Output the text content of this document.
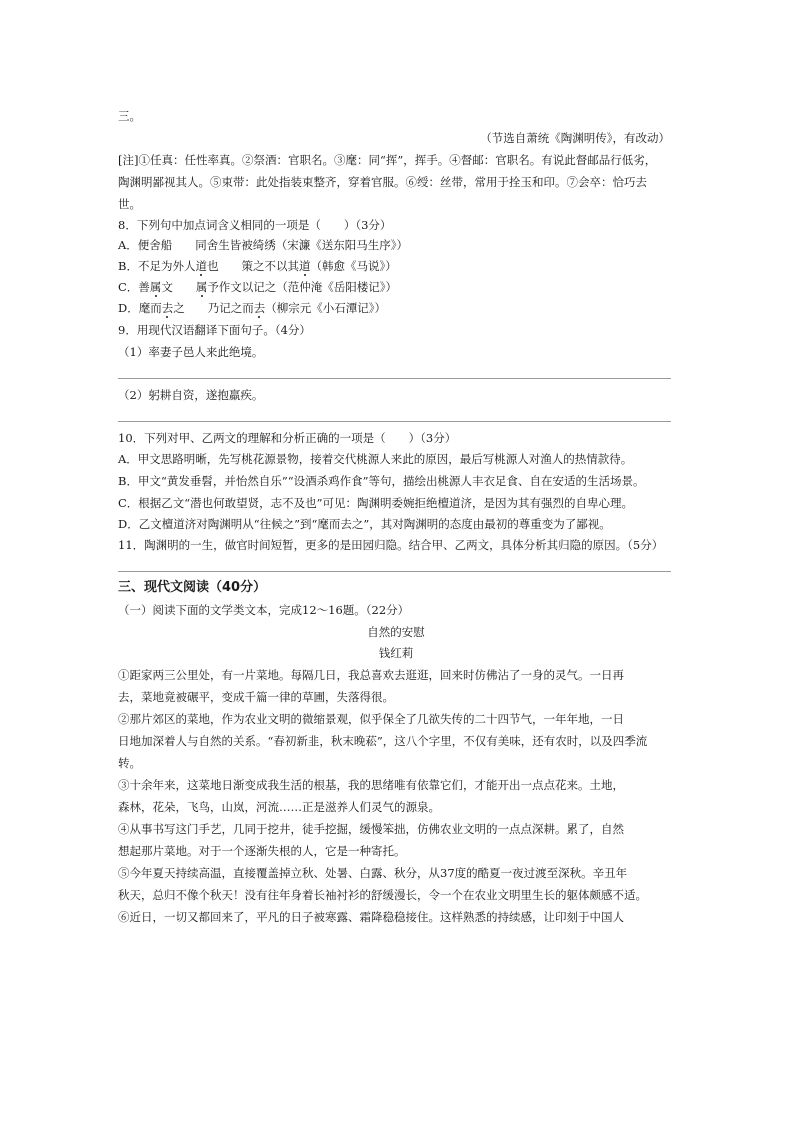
三。
（节选自萧统《陶渊明传》，有改动）
[注]①任真：任性率真。②祭酒：官职名。③麾：同“挥”，挥手。④督邮：官职名。有说此督邮品行低劣，
陶渊明鄙视其人。⑤束带：此处指装束整齐，穿着官服。⑥绶：丝带，常用于拴玉和印。⑦会卒：恰巧去
世。
8．下列句中加点词含义相同的一项是（　　）（3分）
A．便舍船　　同舍生皆被绮绣（宋濂《送东阳马生序》）
B．不足为外人道也　　策之不以其道（韩愈《马说》）
C．善属文　　属予作文以记之（范仲淹《岳阳楼记》）
D．麾而去之　　乃记之而去（柳宗元《小石潭记》）
9．用现代汉语翻译下面句子。（4分）
（1）率妻子邑人来此绝境。
（2）躬耕自资，遂抱羸疾。
10．下列对甲、乙两文的理解和分析正确的一项是（　　）（3分）
A．甲文思路明晰，先写桃花源景物，接着交代桃源人来此的原因，最后写桃源人对渔人的热情款待。
B．甲文“黄发垂髫，并怡然自乐”“设酒杀鸡作食”等句，描绘出桃源人丰衣足食、自在安适的生活场景。
C．根据乙文“潜也何敢望贤，志不及也”可见：陶渊明委婉拒绝檀道济，是因为其有强烈的自卑心理。
D．乙文檀道济对陶渊明从“往候之”到“麾而去之”，其对陶渊明的态度由最初的尊重变为了鄙视。
11．陶渊明的一生，做官时间短暂，更多的是田园归隐。结合甲、乙两文，具体分析其归隐的原因。（5分）
三、现代文阅读（40分）
（一）阅读下面的文学类文本，完成12～16题。（22分）
自然的安慰
钱红莉
①距家两三公里处，有一片菜地。每隔几日，我总喜欢去逛逛，回来时仿佛沾了一身的灵气。一日再
去，菜地竟被碾平，变成千篇一律的草圃，失落得很。
②那片郊区的菜地，作为农业文明的微缩景观，似乎保全了几欲失传的二十四节气，一年年地，一日
日地加深着人与自然的关系。“春初新韭，秋末晚菘”，这八个字里，不仅有美味，还有农时，以及四季流
转。
③十余年来，这菜地日渐变成我生活的根基，我的思绪唯有依靠它们，才能开出一点点花来。土地，
森林，花朵，飞鸟，山岚，河流……正是滋养人们灵气的源泉。
④从事书写这门手艺，几同于挖井，徒手挖掘，缓慢笨拙，仿佛农业文明的一点点深耕。累了，自然
想起那片菜地。对于一个逐渐失根的人，它是一种寄托。
⑤今年夏天持续高温，直接覆盖掉立秋、处暑、白露、秋分，从37度的酷夏一夜过渡至深秋。辛丑年
秋天，总归不像个秋天！没有往年身着长袖衬衫的舒缓漫长，令一个在农业文明里生长的躯体颇感不适。
⑥近日，一切又都回来了，平凡的日子被寒露、霜降稳稳接住。这样熟悉的持续感，让印刻于中国人
